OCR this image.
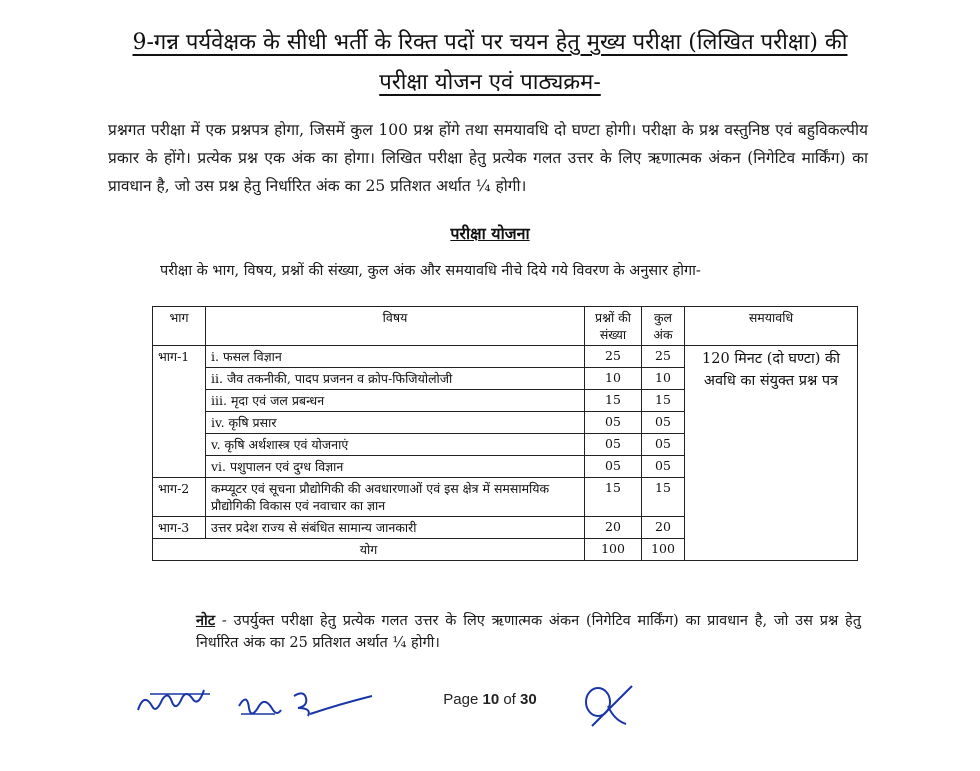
9-गन्न पर्यवेक्षक के सीधी भर्ती के रिक्त पदों पर चयन हेतु मुख्य परीक्षा (लिखित परीक्षा) की
परीक्षा योजन एवं पाठ्यक्रम-
प्रश्नगत परीक्षा में एक प्रश्नपत्र होगा, जिसमें कुल 100 प्रश्न होंगे तथा समयावधि दो घण्टा होगी। परीक्षा के प्रश्न वस्तुनिष्ठ एवं बहुविकल्पीय प्रकार के होंगे। प्रत्येक प्रश्न एक अंक का होगा। लिखित परीक्षा हेतु प्रत्येक गलत उत्तर के लिए ऋणात्मक अंकन (निगेटिव मार्किंग) का प्रावधान है, जो उस प्रश्न हेतु निर्धारित अंक का 25 प्रतिशत अर्थात ¼ होगी।
परीक्षा योजना
परीक्षा के भाग, विषय, प्रश्नों की संख्या, कुल अंक और समयावधि नीचे दिये गये विवरण के अनुसार होगा-
भाग	विषय	प्रश्नों की संख्या	कुल अंक	समयावधि
भाग-1	i. फसल विज्ञान	25	25	120 मिनट (दो घण्टा) की अवधि का संयुक्त प्रश्न पत्र
	ii. जैव तकनीकी, पादप प्रजनन व क्रोप-फिजियोलोजी	10	10	
	iii. मृदा एवं जल प्रबन्धन	15	15	
	iv. कृषि प्रसार	05	05	
	v. कृषि अर्थशास्त्र एवं योजनाएं	05	05	
	vi. पशुपालन एवं दुग्ध विज्ञान	05	05	
भाग-2	कम्प्यूटर एवं सूचना प्रौद्योगिकी की अवधारणाओं एवं इस क्षेत्र में समसामयिक प्रौद्योगिकी विकास एवं नवाचार का ज्ञान	15	15	
भाग-3	उत्तर प्रदेश राज्य से संबंधित सामान्य जानकारी	20	20	
योग		100	100	
नोट - उपर्युक्त परीक्षा हेतु प्रत्येक गलत उत्तर के लिए ऋणात्मक अंकन (निगेटिव मार्किंग) का प्रावधान है, जो उस प्रश्न हेतु निर्धारित अंक का 25 प्रतिशत अर्थात ¼ होगी।
Page 10 of 30
